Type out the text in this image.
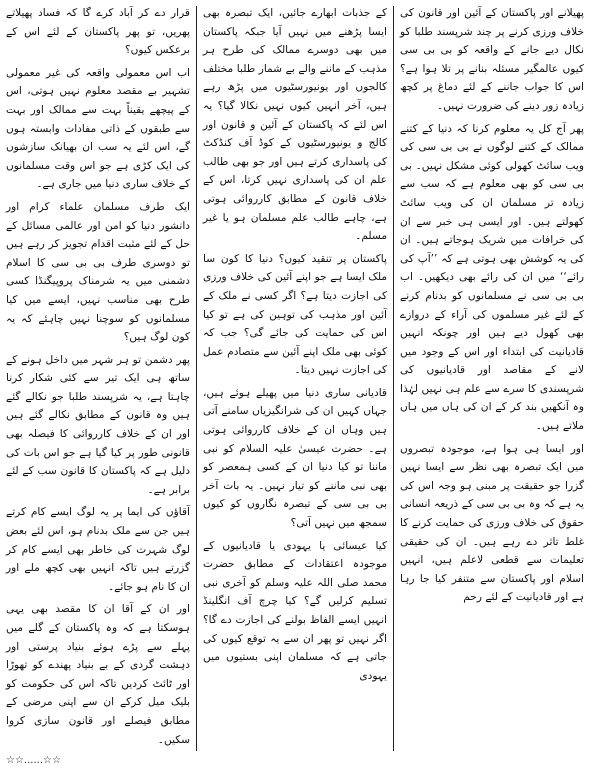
پھیلانے اور پاکستان کے آئین اور قانون کی خلاف ورزی کرنے پر چند شرپسند طلبا کو نکال دیے جانے کے واقعہ کو بی بی سی کیوں عالمگیر مسئلہ بنانے پر تلا ہوا ہے؟ اس کا جواب جاننے کے لئے دماغ پر کچھ زیادہ زور دینے کی ضرورت نہیں۔

پھر آج کل یہ معلوم کرنا کہ دنیا کے کتنے ممالک کے کتنے لوگوں نے بی بی سی کی ویب سائٹ کھولی کوئی مشکل نہیں۔ بی بی سی کو بھی معلوم ہے کہ سب سے زیادہ تر مسلمان ان کی ویب سائٹ کھولتے ہیں۔ اور ایسی ہی خبر سے ان کی خرافات میں شریک ہوجاتے ہیں۔ ان کی یہ کوشش بھی ہوتی ہے کہ ’’آپ کی رائے‘‘ میں ان کی رائے بھی دیکھیں۔ اب بی بی سی نے مسلمانوں کو بدنام کرنے کے لئے غیر مسلموں کی آراء کے دروازے بھی کھول دیے ہیں اور چونکہ انہیں قادیانیت کی ابتداء اور اس کے وجود میں لانے کے مقاصد اور قادیانیوں کی شرپسندی کا سرے سے علم ہی نہیں لہٰذا وہ آنکھیں بند کر کے ان کی ہاں میں ہاں ملاتے ہیں۔

اور ایسا ہی ہوا ہے، موجودہ تبصروں میں ایک تبصرہ بھی نظر سے ایسا نہیں گزرا جو حقیقت پر مبنی ہو وجہ اس کی یہ ہے کہ وہ بی بی سی کے ذریعہ انسانی حقوق کی خلاف ورزی کی حمایت کرنے کا غلط تاثر دے رہے ہیں۔ ان کی حقیقی تعلیمات سے قطعی لاعلم ہیں، انہیں اسلام اور پاکستان سے متنفر کیا جا رہا ہے اور قادیانیت کے لئے رحم

کے جذبات ابھارے جائیں، ایک تبصرہ بھی ایسا پڑھنے میں نہیں آیا جبکہ پاکستان میں بھی دوسرے ممالک کی طرح ہر مذہب کے ماننے والے بے شمار طلبا مختلف کالجوں اور یونیورسٹیوں میں پڑھ رہے ہیں، آخر انہیں کیوں نہیں نکالا گیا؟ یہ اس لئے کہ پاکستان کے آئین و قانون اور کالج و یونیورسٹیوں کے کوڈ آف کنڈکٹ کی پاسداری کرتے ہیں اور جو بھی طالب علم ان کی پاسداری نہیں کرتا، اس کے خلاف قانون کے مطابق کارروائی ہوتی ہے، چاہے طالب علم مسلمان ہو یا غیر مسلم۔

پاکستان پر تنقید کیوں؟ دنیا کا کون سا ملک ایسا ہے جو اپنے آئین کی خلاف ورزی کی اجازت دیتا ہے؟ اگر کسی نے ملک کے آئین اور مذہب کی توہین کی ہے تو کیا اس کی حمایت کی جائے گی؟ جب کہ کوئی بھی ملک اپنے آئین سے متصادم عمل کی اجازت نہیں دیتا۔

قادیانی ساری دنیا میں پھیلے ہوئے ہیں، جہاں کہیں ان کی شرانگیزیاں سامنے آتی ہیں وہاں ان کے خلاف کارروائی ہوتی ہے۔ حضرت عیسیٰ علیہ السلام کو نبی ماننا تو کیا دنیا ان کے کسی ہمعصر کو بھی نبی ماننے کو تیار نہیں۔ یہ بات آخر بی بی سی کے تبصرہ نگاروں کو کیوں سمجھ میں نہیں آتی؟

کیا عیسائی یا یہودی یا قادیانیوں کے موجودہ اعتقادات کے مطابق حضرت محمد صلی اللہ علیہ وسلم کو آخری نبی تسلیم کرلیں گے؟ کیا چرچ آف انگلینڈ انہیں ایسے الفاظ بولنے کی اجازت دے گا؟ اگر نہیں تو پھر ان سے یہ توقع کیوں کی جاتی ہے کہ مسلمان اپنی بستیوں میں یہودی

قرار دے کر آباد کرے گا کہ فساد پھیلاتے پھریں، تو پھر پاکستان کے لئے اس کے برعکس کیوں؟

اب اس معمولی واقعہ کی غیر معمولی تشہیر بے مقصد معلوم نہیں ہوتی، اس کے پیچھے یقیناً بہت سے ممالک اور بہت سے طبقوں کے ذاتی مفادات وابستہ ہوں گے، اس لئے یہ سب ان بھیانک سازشوں کی ایک کڑی ہے جو اس وقت مسلمانوں کے خلاف ساری دنیا میں جاری ہے۔

ایک طرف مسلمان علماء کرام اور دانشور دنیا کو امن اور عالمی مسائل کے حل کے لئے مثبت اقدام تجویز کر رہے ہیں تو دوسری طرف بی بی سی کا اسلام دشمنی میں یہ شرمناک پروپیگنڈا کسی طرح بھی مناسب نہیں، ایسے میں کیا مسلمانوں کو سوچنا نہیں چاہئے کہ یہ کون لوگ ہیں؟

پھر دشمن تو ہر شہر میں داخل ہونے کے ساتھ ہی ایک تیر سے کئی شکار کرنا چاہتا ہے، یہ شرپسند طلبا جو نکالے گئے ہیں وہ قانون کے مطابق نکالے گئے ہیں اور ان کے خلاف کارروائی کا فیصلہ بھی قانونی طور پر کیا گیا ہے جو اس بات کی دلیل ہے کہ پاکستان کا قانون سب کے لئے برابر ہے۔

آقاؤں کی ایما پر یہ لوگ ایسے کام کرتے ہیں جن سے ملک بدنام ہو، اس لئے بعض لوگ شہرت کی خاطر بھی ایسے کام کر گزرتے ہیں تاکہ انہیں بھی کچھ ملے اور ان کا نام ہو جائے۔

اور ان کے آقا ان کا مقصد بھی یہی ہوسکتا ہے کہ وہ پاکستان کے گلے میں پہلے سے پڑے ہوئے بنیاد پرستی اور دہشت گردی کے بے بنیاد پھندے کو تھوڑا اور ٹائٹ کردیں تاکہ اس کی حکومت کو بلیک میل کرکے ان سے اپنی مرضی کے مطابق فیصلے اور قانون سازی کروا سکیں۔

☆☆......☆☆
